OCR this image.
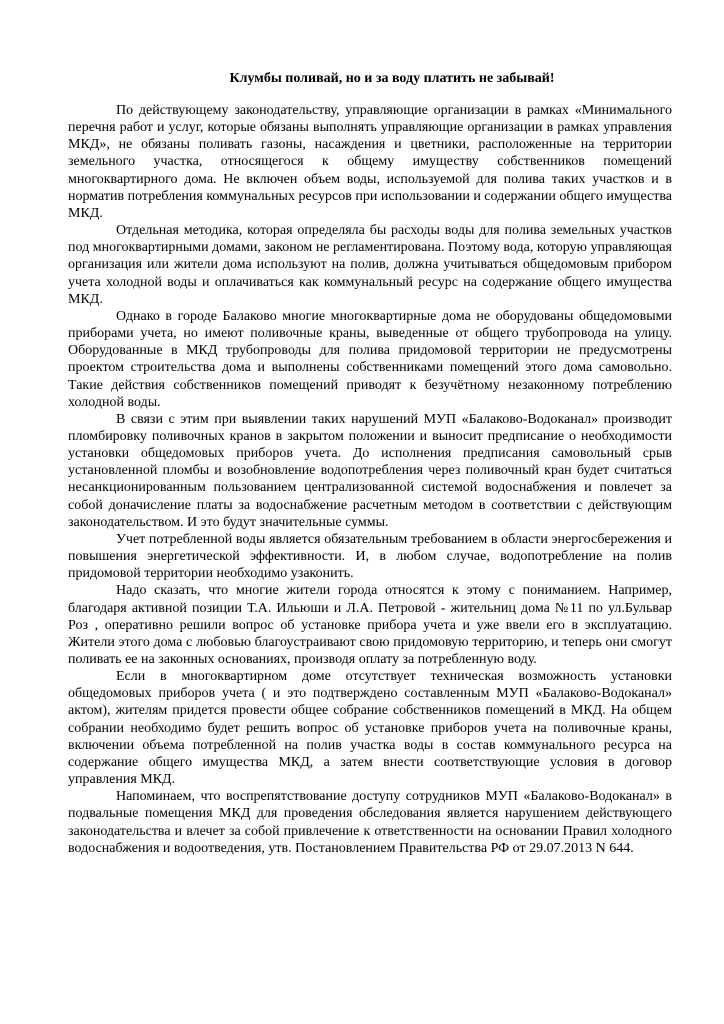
Клумбы поливай, но и за воду платить не забывай!

По действующему законодательству, управляющие организации в рамках «Минимального перечня работ и услуг, которые обязаны выполнять управляющие организации в рамках управления МКД», не обязаны поливать газоны, насаждения и цветники, расположенные на территории земельного участка, относящегося к общему имуществу собственников помещений многоквартирного дома. Не включен объем воды, используемой для полива таких участков и в норматив потребления коммунальных ресурсов при использовании и содержании общего имущества МКД.

Отдельная методика, которая определяла бы расходы воды для полива земельных участков под многоквартирными домами, законом не регламентирована. Поэтому вода, которую управляющая организация или жители дома используют на полив, должна учитываться общедомовым прибором учета холодной воды и оплачиваться как коммунальный ресурс на содержание общего имущества МКД.

Однако в городе Балаково многие многоквартирные дома не оборудованы общедомовыми приборами учета, но имеют поливочные краны, выведенные от общего трубопровода на улицу. Оборудованные в МКД трубопроводы для полива придомовой территории не предусмотрены проектом строительства дома и выполнены собственниками помещений этого дома самовольно. Такие действия собственников помещений приводят к безучётному незаконному потреблению холодной воды.

В связи с этим при выявлении таких нарушений МУП «Балаково-Водоканал» производит пломбировку поливочных кранов в закрытом положении и выносит предписание о необходимости установки общедомовых приборов учета. До исполнения предписания самовольный срыв установленной пломбы и возобновление водопотребления через поливочный кран будет считаться несанкционированным пользованием централизованной системой водоснабжения и повлечет за собой доначисление платы за водоснабжение расчетным методом в соответствии с действующим законодательством. И это будут значительные суммы.

Учет потребленной воды является обязательным требованием в области энергосбережения и повышения энергетической эффективности. И, в любом случае, водопотребление на полив придомовой территории необходимо узаконить.

Надо сказать, что многие жители города относятся к этому с пониманием. Например, благодаря активной позиции Т.А. Ильюши и Л.А. Петровой - жительниц дома №11 по ул.Бульвар Роз , оперативно решили вопрос об установке прибора учета и уже ввели его в эксплуатацию. Жители этого дома с любовью благоустраивают свою придомовую территорию, и теперь они смогут поливать ее на законных основаниях, производя оплату за потребленную воду.

Если в многоквартирном доме отсутствует техническая возможность установки общедомовых приборов учета ( и это подтверждено составленным МУП «Балаково-Водоканал» актом), жителям придется провести общее собрание собственников помещений в МКД. На общем собрании необходимо будет решить вопрос об установке приборов учета на поливочные краны, включении объема потребленной на полив участка воды в состав коммунального ресурса на содержание общего имущества МКД, а затем внести соответствующие условия в договор управления МКД.

Напоминаем, что воспрепятствование доступу сотрудников МУП «Балаково-Водоканал» в подвальные помещения МКД для проведения обследования является нарушением действующего законодательства и влечет за собой привлечение к ответственности на основании Правил холодного водоснабжения и водоотведения, утв. Постановлением Правительства РФ от 29.07.2013 N 644.
